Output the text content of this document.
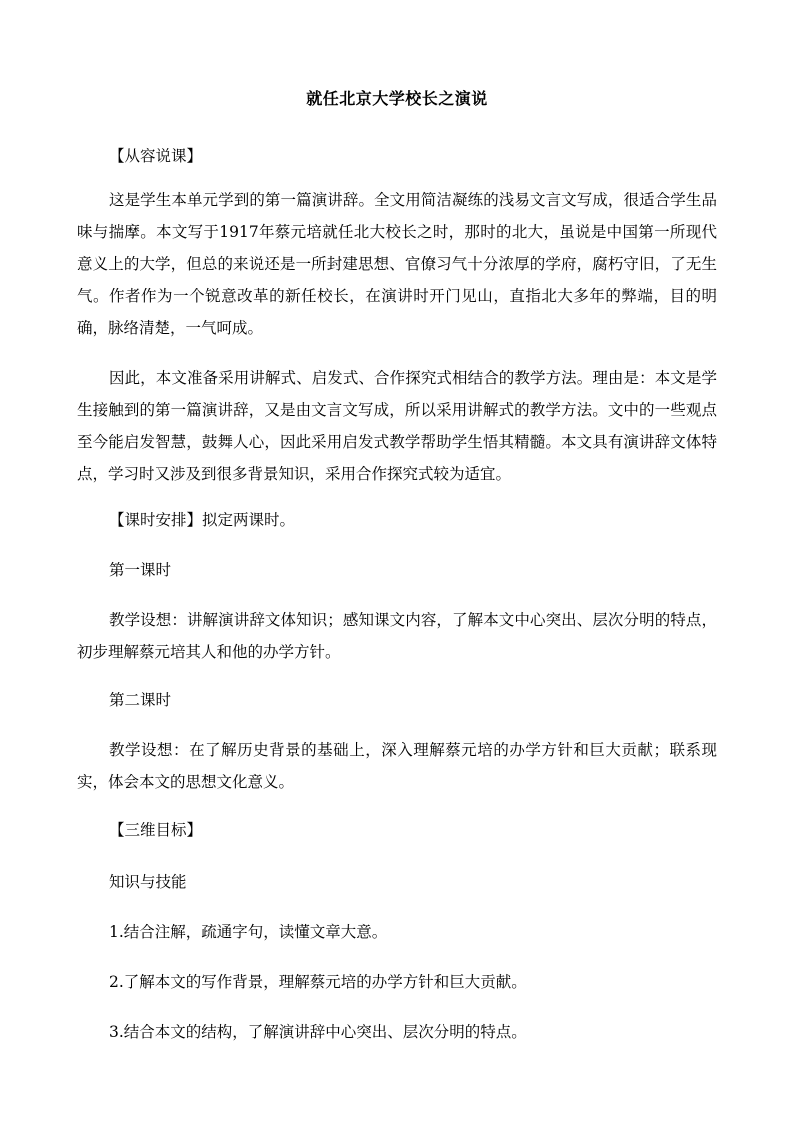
就任北京大学校长之演说

【从容说课】

这是学生本单元学到的第一篇演讲辞。全文用简洁凝练的浅易文言文写成，很适合学生品味与揣摩。本文写于1917年蔡元培就任北大校长之时，那时的北大，虽说是中国第一所现代意义上的大学，但总的来说还是一所封建思想、官僚习气十分浓厚的学府，腐朽守旧，了无生气。作者作为一个锐意改革的新任校长，在演讲时开门见山，直指北大多年的弊端，目的明确，脉络清楚，一气呵成。

因此，本文准备采用讲解式、启发式、合作探究式相结合的教学方法。理由是：本文是学生接触到的第一篇演讲辞，又是由文言文写成，所以采用讲解式的教学方法。文中的一些观点至今能启发智慧，鼓舞人心，因此采用启发式教学帮助学生悟其精髓。本文具有演讲辞文体特点，学习时又涉及到很多背景知识，采用合作探究式较为适宜。

【课时安排】拟定两课时。

第一课时

教学设想：讲解演讲辞文体知识；感知课文内容，了解本文中心突出、层次分明的特点，初步理解蔡元培其人和他的办学方针。

第二课时

教学设想：在了解历史背景的基础上，深入理解蔡元培的办学方针和巨大贡献；联系现实，体会本文的思想文化意义。

【三维目标】

知识与技能

1.结合注解，疏通字句，读懂文章大意。

2.了解本文的写作背景，理解蔡元培的办学方针和巨大贡献。

3.结合本文的结构，了解演讲辞中心突出、层次分明的特点。
